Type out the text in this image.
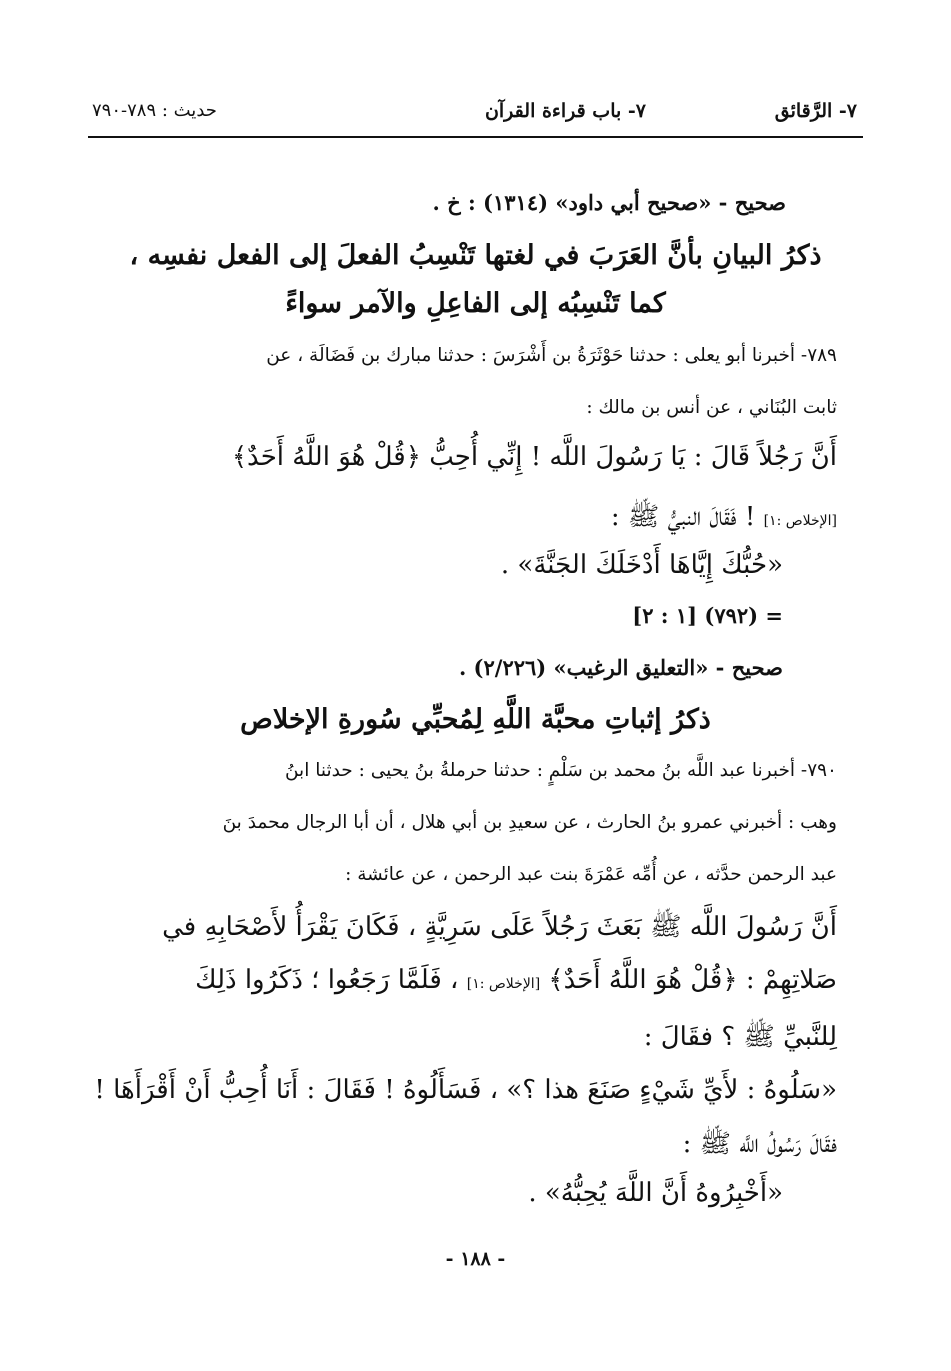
٧- الرَّقائق
٧- باب قراءة القرآن
حديث : ٧٨٩-٧٩٠
صحيح - «صحيح أبي داود» (١٣١٤) : خ .
ذكرُ البيانِ بأنَّ العَرَبَ في لغتها تَنْسِبُ الفعلَ إلى الفعل نفسِه ،
كما تَنْسِبُه إلى الفاعِلِ والآمر سواءً
٧٨٩- أخبرنا أبو يعلى : حدثنا حَوْثَرَةُ بن أَشْرَسَ : حدثنا مبارك بن فَضَالَة ، عن
ثابت البُنَاني ، عن أنس بن مالك :
أَنَّ رَجُلاً قَالَ : يَا رَسُولَ اللَّه ! إِنِّي أُحِبُّ ﴿قُلْ هُوَ اللَّهُ أَحَدٌ﴾
[الإخلاص :١] ! فَقَالَ النبيُّ ﷺ :
«حُبُّكَ إِيَّاهَا أَدْخَلَكَ الجَنَّةَ» .
= (٧٩٢) [١ : ٢]
صحيح - «التعليق الرغيب» (٢/٢٢٦) .
ذكرُ إثباتِ محبَّة اللَّهِ لِمُحبِّي سُورةِ الإخلاص
٧٩٠- أخبرنا عبد اللَّه بنُ محمد بن سَلْمٍ : حدثنا حرملةُ بنُ يحيى : حدثنا ابنُ
وهب : أخبرني عمرو بنُ الحارث ، عن سعيدِ بن أبي هلال ، أن أبا الرجال محمدَ بنَ
عبد الرحمن حدَّثه ، عن أُمِّه عَمْرَةَ بنت عبد الرحمن ، عن عائشة :
أَنَّ رَسُولَ اللَّه ﷺ بَعَثَ رَجُلاً عَلَى سَرِيَّةٍ ، فَكَانَ يَقْرَأُ لأَصْحَابِهِ في
صَلاتِهِمْ : ﴿قُلْ هُوَ اللَّهُ أَحَدٌ﴾ [الإخلاص :١] ، فَلَمَّا رَجَعُوا ؛ ذَكَرُوا ذَلِكَ
لِلنَّبيِّ ﷺ ؟ فقَالَ :
«سَلُوهُ : لأَيِّ شَيْءٍ صَنَعَ هذا ؟» ، فَسَأَلُوهُ ! فَقَالَ : أَنَا أُحِبُّ أَنْ أَقْرَأَهَا !
فقَالَ رَسُولُ اللَّه ﷺ :
«أَخْبِرُوهُ أَنَّ اللَّهَ يُحِبُّهُ» .
- ١٨٨ -
